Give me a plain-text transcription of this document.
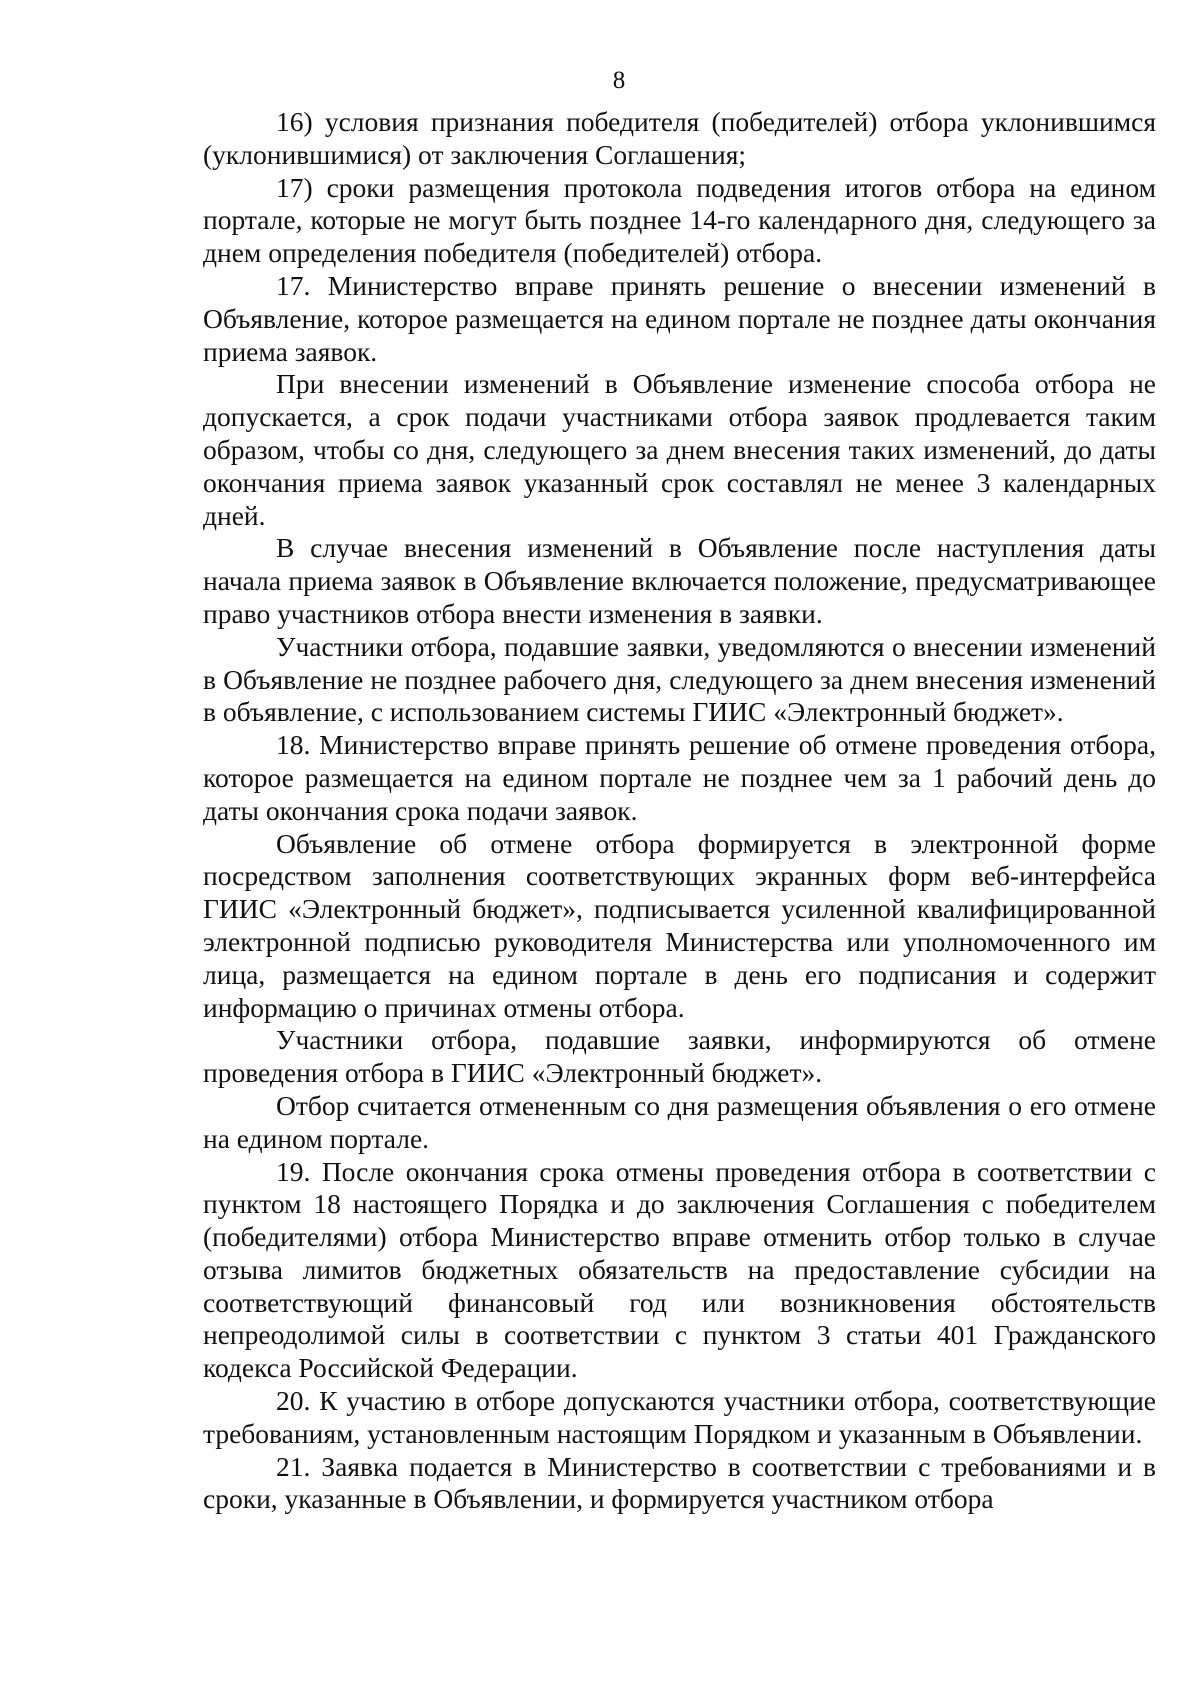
8

16) условия признания победителя (победителей) отбора уклонившимся (уклонившимися) от заключения Соглашения;

17) сроки размещения протокола подведения итогов отбора на едином портале, которые не могут быть позднее 14-го календарного дня, следующего за днем определения победителя (победителей) отбора.

17. Министерство вправе принять решение о внесении изменений в Объявление, которое размещается на едином портале не позднее даты окончания приема заявок.

При внесении изменений в Объявление изменение способа отбора не допускается, а срок подачи участниками отбора заявок продлевается таким образом, чтобы со дня, следующего за днем внесения таких изменений, до даты окончания приема заявок указанный срок составлял не менее 3 календарных дней.

В случае внесения изменений в Объявление после наступления даты начала приема заявок в Объявление включается положение, предусматривающее право участников отбора внести изменения в заявки.

Участники отбора, подавшие заявки, уведомляются о внесении изменений в Объявление не позднее рабочего дня, следующего за днем внесения изменений в объявление, с использованием системы ГИИС «Электронный бюджет».

18. Министерство вправе принять решение об отмене проведения отбора, которое размещается на едином портале не позднее чем за 1 рабочий день до даты окончания срока подачи заявок.

Объявление об отмене отбора формируется в электронной форме посредством заполнения соответствующих экранных форм веб-интерфейса ГИИС «Электронный бюджет», подписывается усиленной квалифицированной электронной подписью руководителя Министерства или уполномоченного им лица, размещается на едином портале в день его подписания и содержит информацию о причинах отмены отбора.

Участники отбора, подавшие заявки, информируются об отмене проведения отбора в ГИИС «Электронный бюджет».

Отбор считается отмененным со дня размещения объявления о его отмене на едином портале.

19. После окончания срока отмены проведения отбора в соответствии с пунктом 18 настоящего Порядка и до заключения Соглашения с победителем (победителями) отбора Министерство вправе отменить отбор только в случае отзыва лимитов бюджетных обязательств на предоставление субсидии на соответствующий финансовый год или возникновения обстоятельств непреодолимой силы в соответствии с пунктом 3 статьи 401 Гражданского кодекса Российской Федерации.

20. К участию в отборе допускаются участники отбора, соответствующие требованиям, установленным настоящим Порядком и указанным в Объявлении.

21. Заявка подается в Министерство в соответствии с требованиями и в сроки, указанные в Объявлении, и формируется участником отбора
